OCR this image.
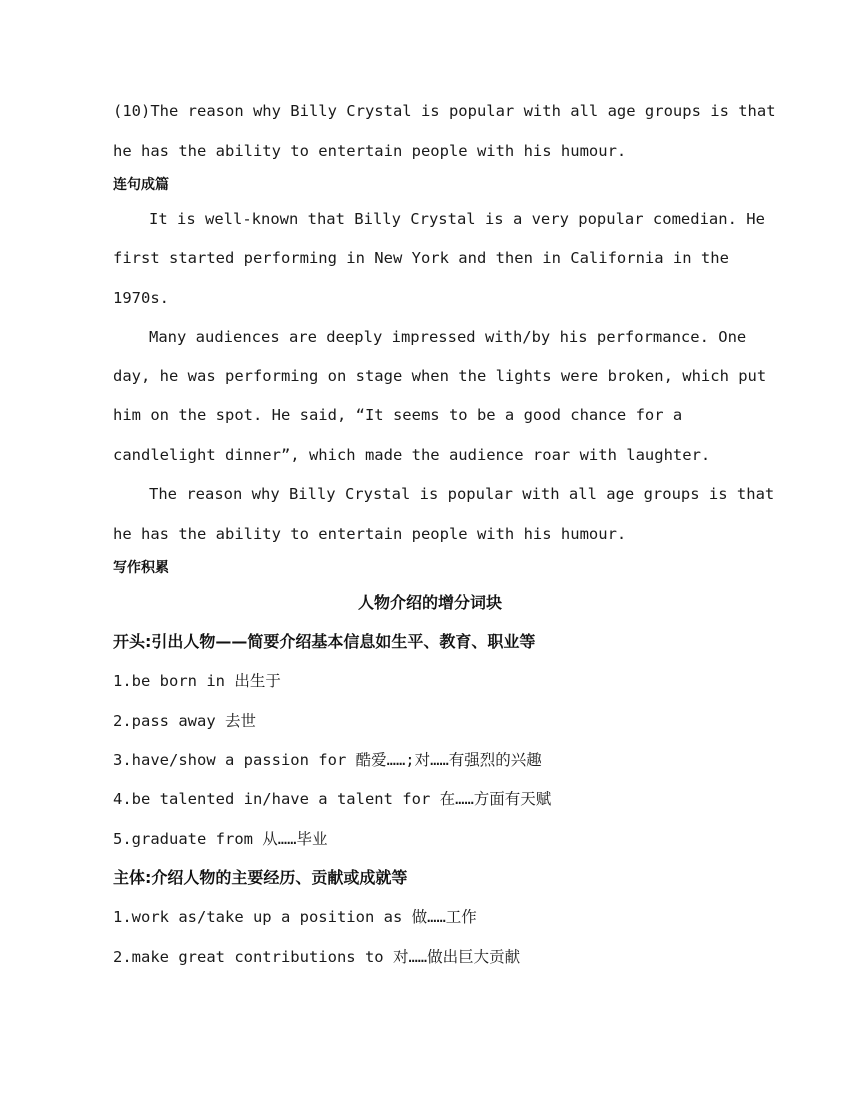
(10)The reason why Billy Crystal is popular with all age groups is that

he has the ability to entertain people with his humour.

连句成篇

It is well-known that Billy Crystal is a very popular comedian. He

first started performing in New York and then in California in the

1970s.

Many audiences are deeply impressed with/by his performance. One

day, he was performing on stage when the lights were broken, which put

him on the spot. He said, “It seems to be a good chance for a

candlelight dinner”, which made the audience roar with laughter.

The reason why Billy Crystal is popular with all age groups is that

he has the ability to entertain people with his humour.

写作积累

人物介绍的增分词块

开头:引出人物——简要介绍基本信息如生平、教育、职业等

1.be born in 出生于

2.pass away 去世

3.have/show a passion for 酷爱……;对……有强烈的兴趣

4.be talented in/have a talent for 在……方面有天赋

5.graduate from 从……毕业

主体:介绍人物的主要经历、贡献或成就等

1.work as/take up a position as 做……工作

2.make great contributions to 对……做出巨大贡献
